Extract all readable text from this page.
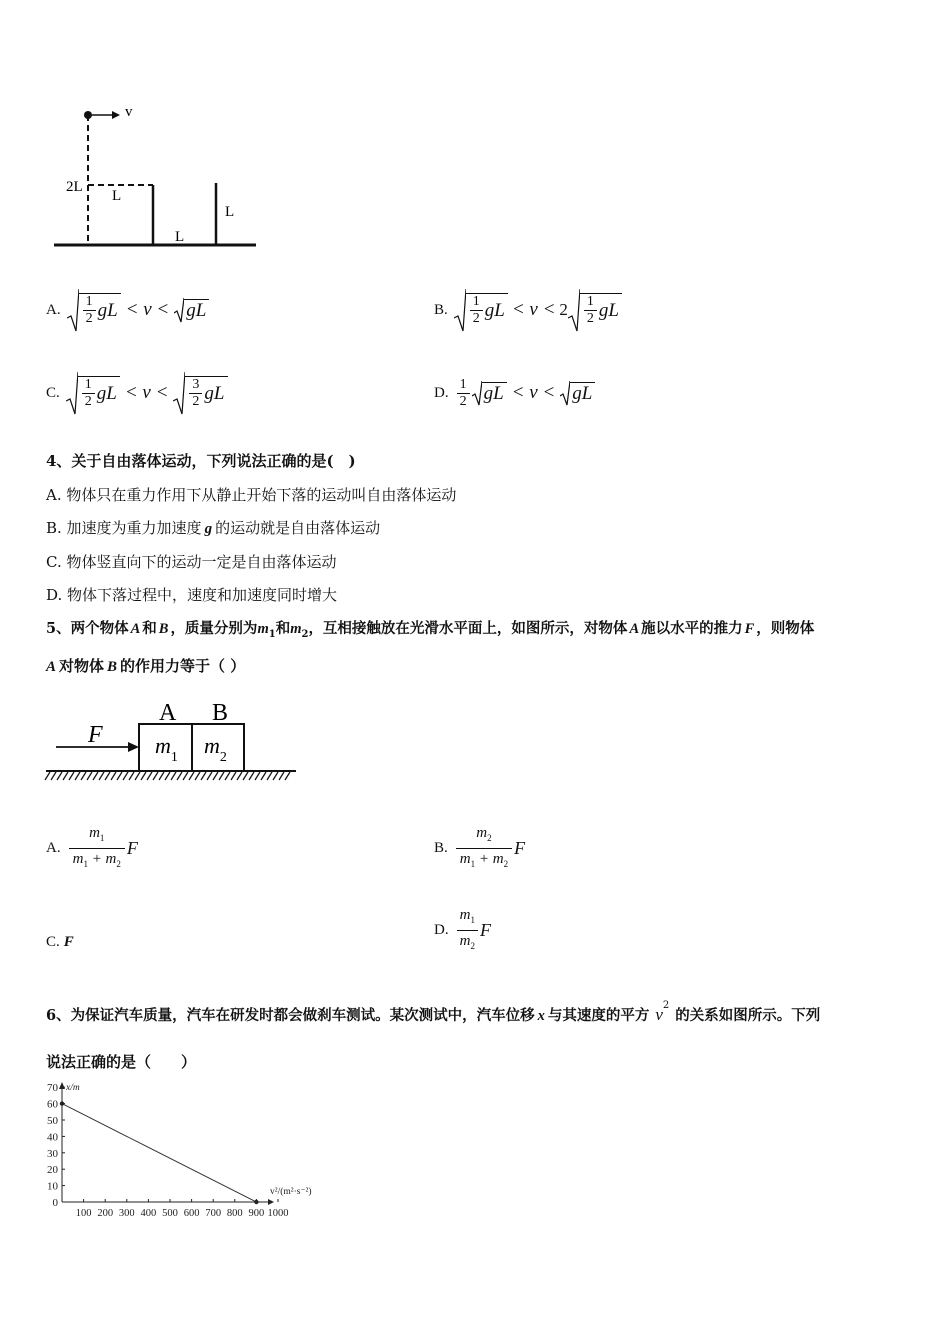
v
2L
L
L
L
A. $\frac{1}{2}$ gL < v < gL	B. $\frac{1}{2}$ gL < $v < 2 \frac{1}{2}$ gL
C. $\frac{1}{2}$ gL < $v < \frac{3}{2}$ gL	D. $\frac{1}{2}$ gL < v < gL
4、关于自由落体运动，下列说法正确的是(　)
A. 物体只在重力作用下从静止开始下落的运动叫自由落体运动
B. 加速度为重力加速度 g 的运动就是自由落体运动
C. 物体竖直向下的运动一定是自由落体运动
D. 物体下落过程中，速度和加速度同时增大
5、两个物体 A 和 B ，质量分别为$m_1$和$m_2$，互相接触放在光滑水平面上，如图所示，对物体 A 施以水平的推力 F ，则物体
A 对物体 B 的作用力等于（ ）
F
A B
$m_1$ $m_2$
A. $\frac{m_1}{m_1 + m_2}$ F	B. $\frac{m_2}{m_1 + m_2}$ F
C. F
D. $\frac{m_1}{m_2}$ F
6、为保证汽车质量，汽车在研发时都会做刹车测试。某次测试中，汽车位移 x 与其速度的平方 $v^2$的关系如图所示。下列
说法正确的是（　　）
0
10
20
30
40
50
60
70
100 200 300 400 500 600 700 800 900 1000
x/m
v²/(m²·s⁻²)
